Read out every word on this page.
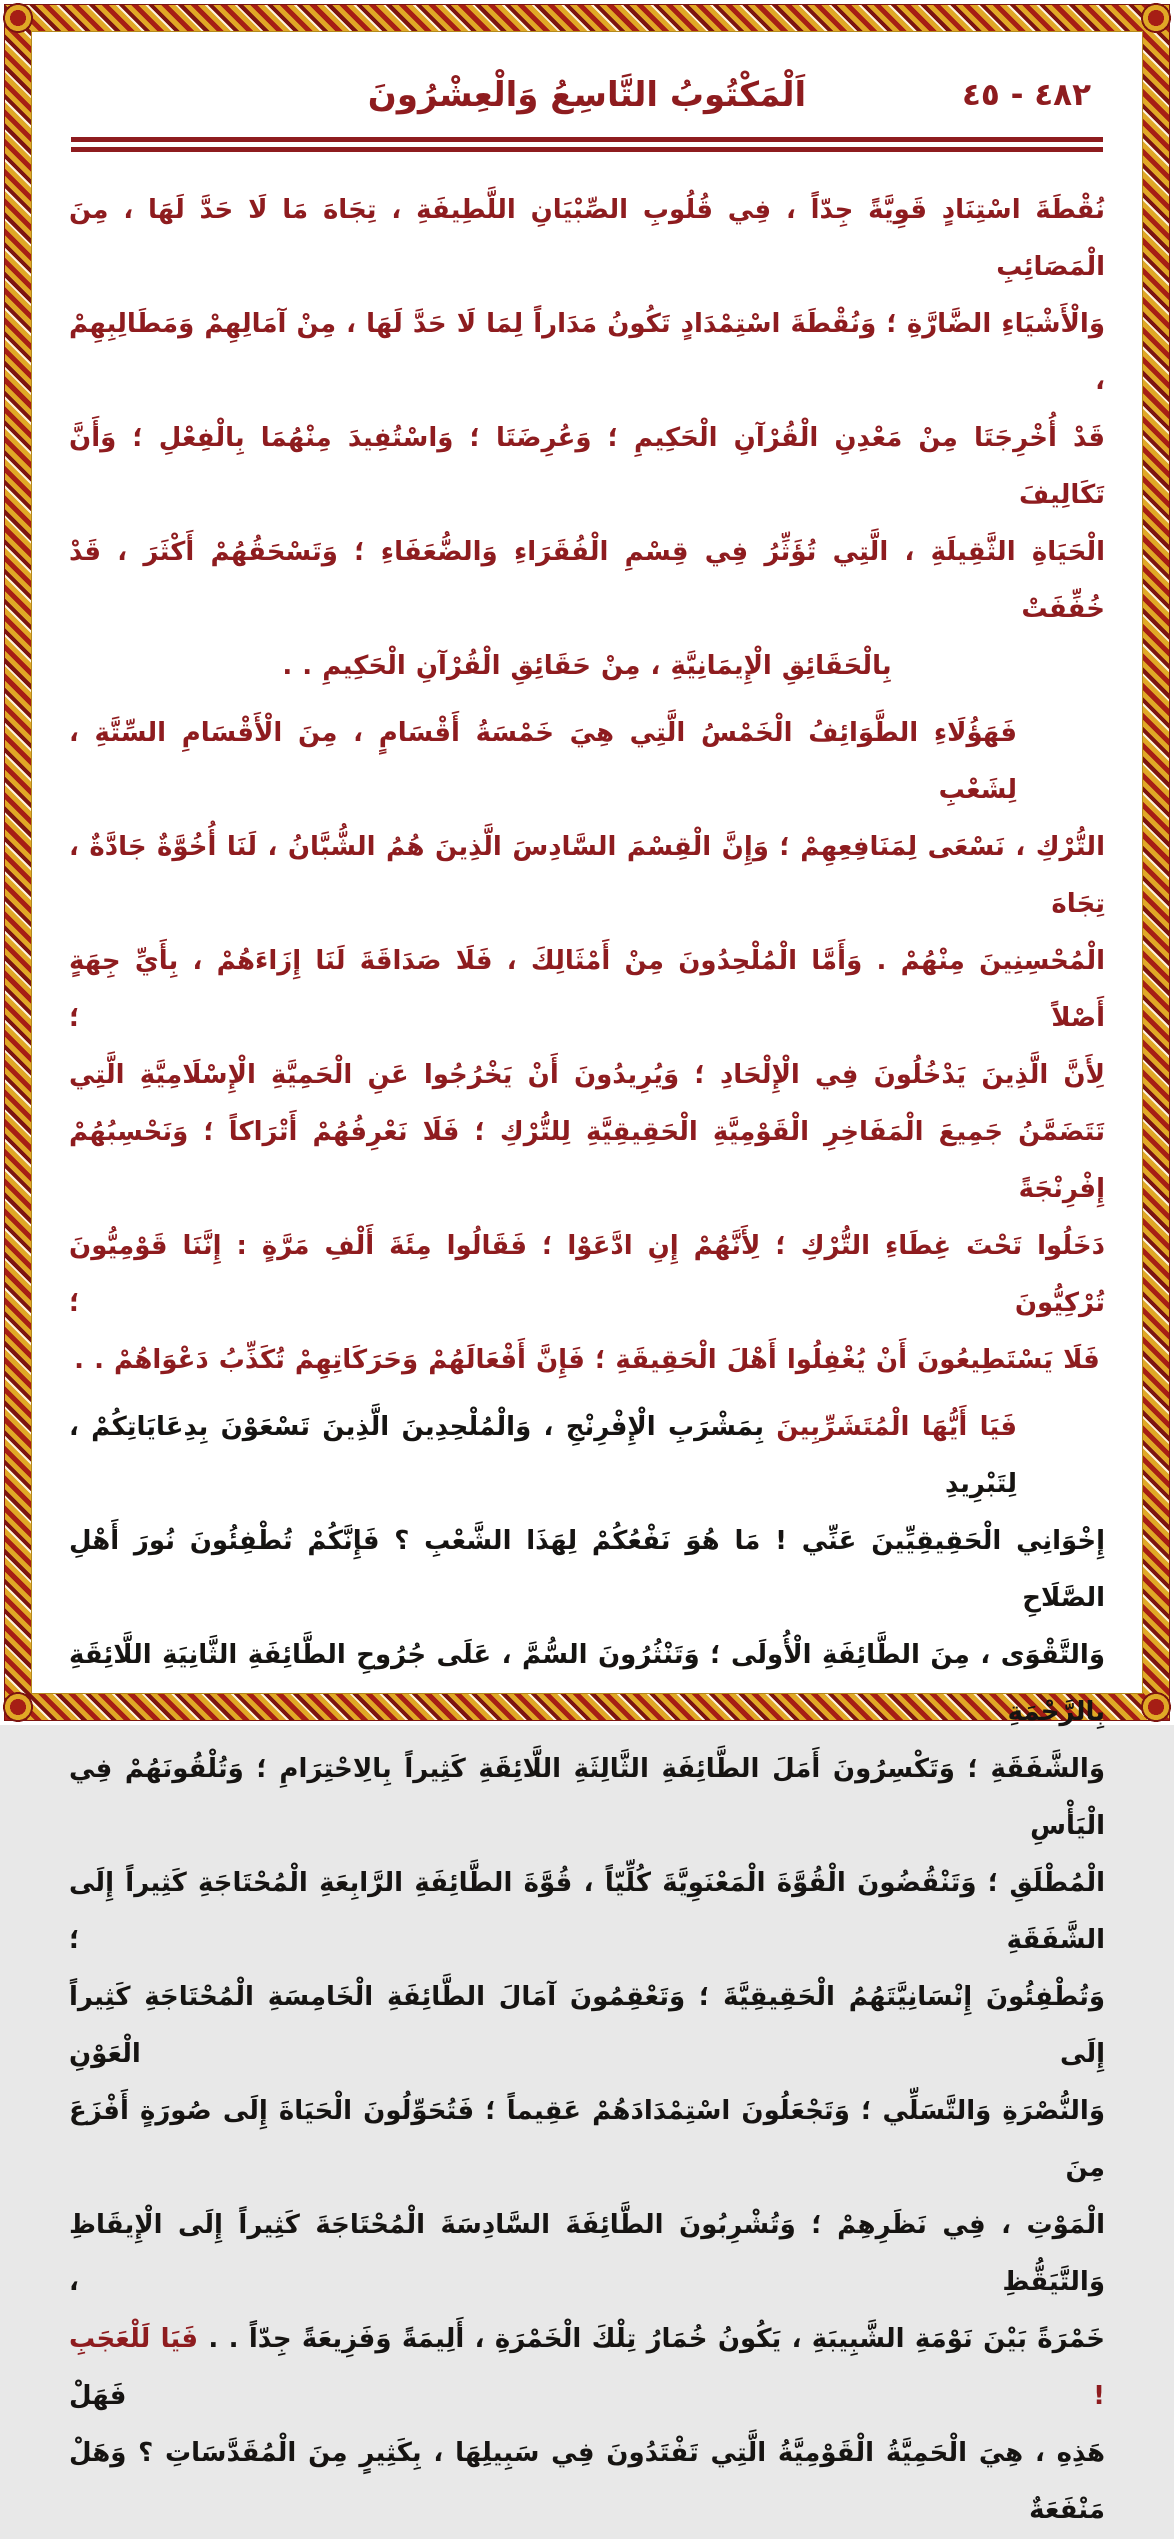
٤٨٢ - ٤٥
اَلْمَكْتُوبُ التَّاسِعُ وَالْعِشْرُونَ
نُقْطَةَ اسْتِنَادٍ قَوِيَّةً جِدّاً ، فِي قُلُوبِ الصِّبْيَانِ اللَّطِيفَةِ ، تِجَاهَ مَا لَا حَدَّ لَهَا ، مِنَ الْمَصَائِبِ
وَالْأَشْيَاءِ الضَّارَّةِ ؛ وَنُقْطَةَ اسْتِمْدَادٍ تَكُونُ مَدَاراً لِمَا لَا حَدَّ لَهَا ، مِنْ آمَالِهِمْ وَمَطَالِبِهِمْ ،
قَدْ أُخْرِجَتَا مِنْ مَعْدِنِ الْقُرْآنِ الْحَكِيمِ ؛ وَعُرِضَتَا ؛ وَاسْتُفِيدَ مِنْهُمَا بِالْفِعْلِ ؛ وَأَنَّ تَكَالِيفَ
الْحَيَاةِ الثَّقِيلَةِ ، الَّتِي تُؤَثِّرُ فِي قِسْمِ الْفُقَرَاءِ وَالضُّعَفَاءِ ؛ وَتَسْحَقُهُمْ أَكْثَرَ ، قَدْ خُفِّفَتْ
بِالْحَقَائِقِ الْإِيمَانِيَّةِ ، مِنْ حَقَائِقِ الْقُرْآنِ الْحَكِيمِ . .
فَهَؤُلَاءِ الطَّوَائِفُ الْخَمْسُ الَّتِي هِيَ خَمْسَةُ أَقْسَامٍ ، مِنَ الْأَقْسَامِ السِّتَّةِ ، لِشَعْبِ
التُّرْكِ ، نَسْعَى لِمَنَافِعِهِمْ ؛ وَإِنَّ الْقِسْمَ السَّادِسَ الَّذِينَ هُمُ الشُّبَّانُ ، لَنَا أُخُوَّةٌ جَادَّةٌ ، تِجَاهَ
الْمُحْسِنِينَ مِنْهُمْ . وَأَمَّا الْمُلْحِدُونَ مِنْ أَمْثَالِكَ ، فَلَا صَدَاقَةَ لَنَا إِزَاءَهُمْ ، بِأَيِّ جِهَةٍ أَصْلاً ؛
لِأَنَّ الَّذِينَ يَدْخُلُونَ فِي الْإِلْحَادِ ؛ وَيُرِيدُونَ أَنْ يَخْرُجُوا عَنِ الْحَمِيَّةِ الْإِسْلَامِيَّةِ الَّتِي
تَتَضَمَّنُ جَمِيعَ الْمَفَاخِرِ الْقَوْمِيَّةِ الْحَقِيقِيَّةِ لِلتُّرْكِ ؛ فَلَا نَعْرِفُهُمْ أَتْرَاكاً ؛ وَنَحْسِبُهُمْ إِفْرِنْجَةً
دَخَلُوا تَحْتَ غِطَاءِ التُّرْكِ ؛ لِأَنَّهُمْ إِنِ ادَّعَوْا ؛ فَقَالُوا مِئَةَ أَلْفِ مَرَّةٍ : إِنَّنَا قَوْمِيُّونَ تُرْكِيُّونَ ؛
فَلَا يَسْتَطِيعُونَ أَنْ يُغْفِلُوا أَهْلَ الْحَقِيقَةِ ؛ فَإِنَّ أَفْعَالَهُمْ وَحَرَكَاتِهِمْ تُكَذِّبُ دَعْوَاهُمْ . .
فَيَا أَيُّهَا الْمُتَشَرِّبِينَ بِمَشْرَبِ الْإِفْرِنْجِ ، وَالْمُلْحِدِينَ الَّذِينَ تَسْعَوْنَ بِدِعَايَاتِكُمْ ، لِتَبْرِيدِ
إِخْوَانِي الْحَقِيقِيِّينَ عَنِّي ! مَا هُوَ نَفْعُكُمْ لِهَذَا الشَّعْبِ ؟ فَإِنَّكُمْ تُطْفِئُونَ نُورَ أَهْلِ الصَّلَاحِ
وَالتَّقْوَى ، مِنَ الطَّائِفَةِ الْأُولَى ؛ وَتَنْثُرُونَ السُّمَّ ، عَلَى جُرُوحِ الطَّائِفَةِ الثَّانِيَةِ اللَّائِقَةِ بِالرَّحْمَةِ
وَالشَّفَقَةِ ؛ وَتَكْسِرُونَ أَمَلَ الطَّائِفَةِ الثَّالِثَةِ اللَّائِقَةِ كَثِيراً بِالِاحْتِرَامِ ؛ وَتُلْقُونَهُمْ فِي الْيَأْسِ
الْمُطْلَقِ ؛ وَتَنْقُضُونَ الْقُوَّةَ الْمَعْنَوِيَّةَ كُلِّيّاً ، قُوَّةَ الطَّائِفَةِ الرَّابِعَةِ الْمُحْتَاجَةِ كَثِيراً إِلَى الشَّفَقَةِ ؛
وَتُطْفِئُونَ إِنْسَانِيَّتَهُمُ الْحَقِيقِيَّةَ ؛ وَتَعْقِمُونَ آمَالَ الطَّائِفَةِ الْخَامِسَةِ الْمُحْتَاجَةِ كَثِيراً إِلَى الْعَوْنِ
وَالنُّصْرَةِ وَالتَّسَلِّي ؛ وَتَجْعَلُونَ اسْتِمْدَادَهُمْ عَقِيماً ؛ فَتُحَوِّلُونَ الْحَيَاةَ إِلَى صُورَةٍ أَفْزَعَ مِنَ
الْمَوْتِ ، فِي نَظَرِهِمْ ؛ وَتُشْرِبُونَ الطَّائِفَةَ السَّادِسَةَ الْمُحْتَاجَةَ كَثِيراً إِلَى الْإِيقَاظِ وَالتَّيَقُّظِ ،
خَمْرَةً بَيْنَ نَوْمَةِ الشَّبِيبَةِ ، يَكُونُ خُمَارُ تِلْكَ الْخَمْرَةِ ، أَلِيمَةً وَفَزِيعَةً جِدّاً . . فَيَا لَلْعَجَبِ ! فَهَلْ
هَذِهِ ، هِيَ الْحَمِيَّةُ الْقَوْمِيَّةُ الَّتِي تَفْتَدُونَ فِي سَبِيلِهَا ، بِكَثِيرٍ مِنَ الْمُقَدَّسَاتِ ؟ وَهَلْ مَنْفَعَةٌ
